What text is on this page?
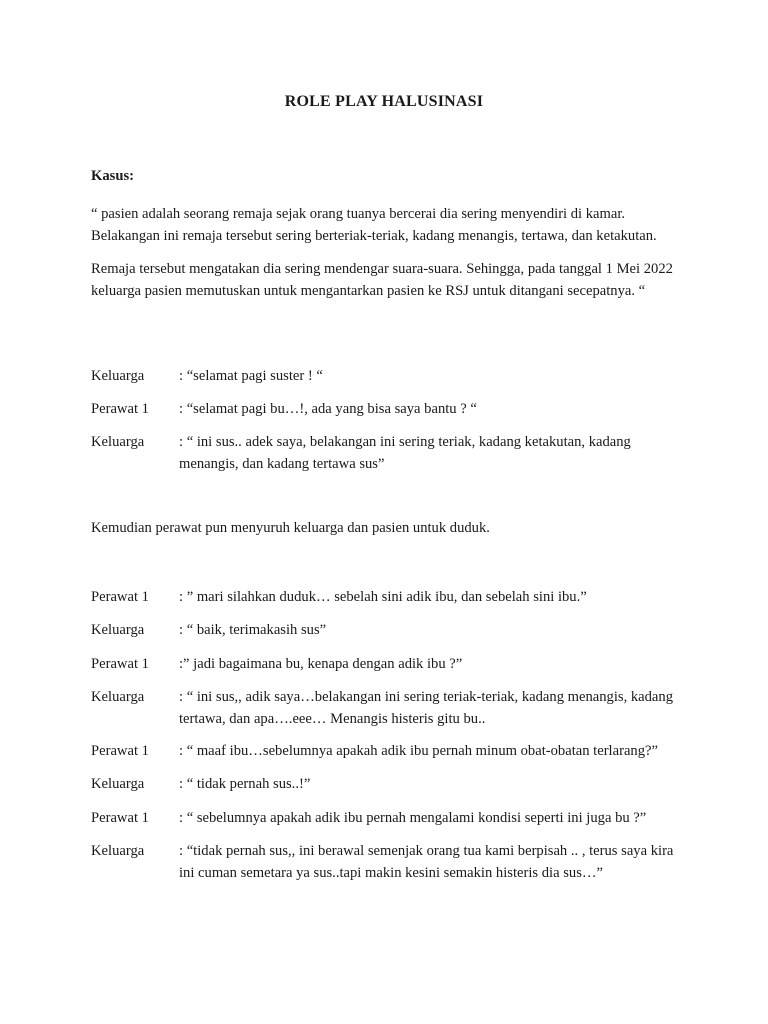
ROLE PLAY HALUSINASI
Kasus:
“ pasien adalah seorang remaja sejak orang tuanya bercerai dia sering menyendiri di kamar. Belakangan ini remaja tersebut sering berteriak-teriak, kadang menangis, tertawa, dan ketakutan.
Remaja tersebut mengatakan dia sering mendengar suara-suara. Sehingga, pada tanggal 1 Mei 2022 keluarga pasien memutuskan untuk mengantarkan pasien ke RSJ untuk ditangani secepatnya. “
Keluarga	: “selamat pagi suster ! “
Perawat 1	: “selamat pagi bu…!, ada yang bisa saya bantu ? “
Keluarga	: “ ini sus.. adek saya, belakangan ini sering teriak, kadang ketakutan, kadang menangis, dan kadang tertawa sus”
Kemudian perawat pun menyuruh keluarga dan pasien untuk duduk.
Perawat 1	: ” mari silahkan duduk… sebelah sini adik ibu, dan sebelah sini ibu.”
Keluarga	: “ baik, terimakasih sus”
Perawat 1	:” jadi bagaimana bu, kenapa dengan adik ibu ?”
Keluarga	: “ ini sus,, adik saya…belakangan ini sering teriak-teriak, kadang menangis, kadang tertawa, dan apa….eee… Menangis histeris gitu bu..
Perawat 1	: “ maaf ibu…sebelumnya apakah adik ibu pernah minum obat-obatan terlarang?”
Keluarga	: “ tidak pernah sus..!”
Perawat 1	: “ sebelumnya apakah adik ibu pernah mengalami kondisi seperti ini juga bu ?”
Keluarga	: “tidak pernah sus,, ini berawal semenjak orang tua kami berpisah .. , terus saya kira ini cuman semetara ya sus..tapi makin kesini semakin histeris dia sus…”
